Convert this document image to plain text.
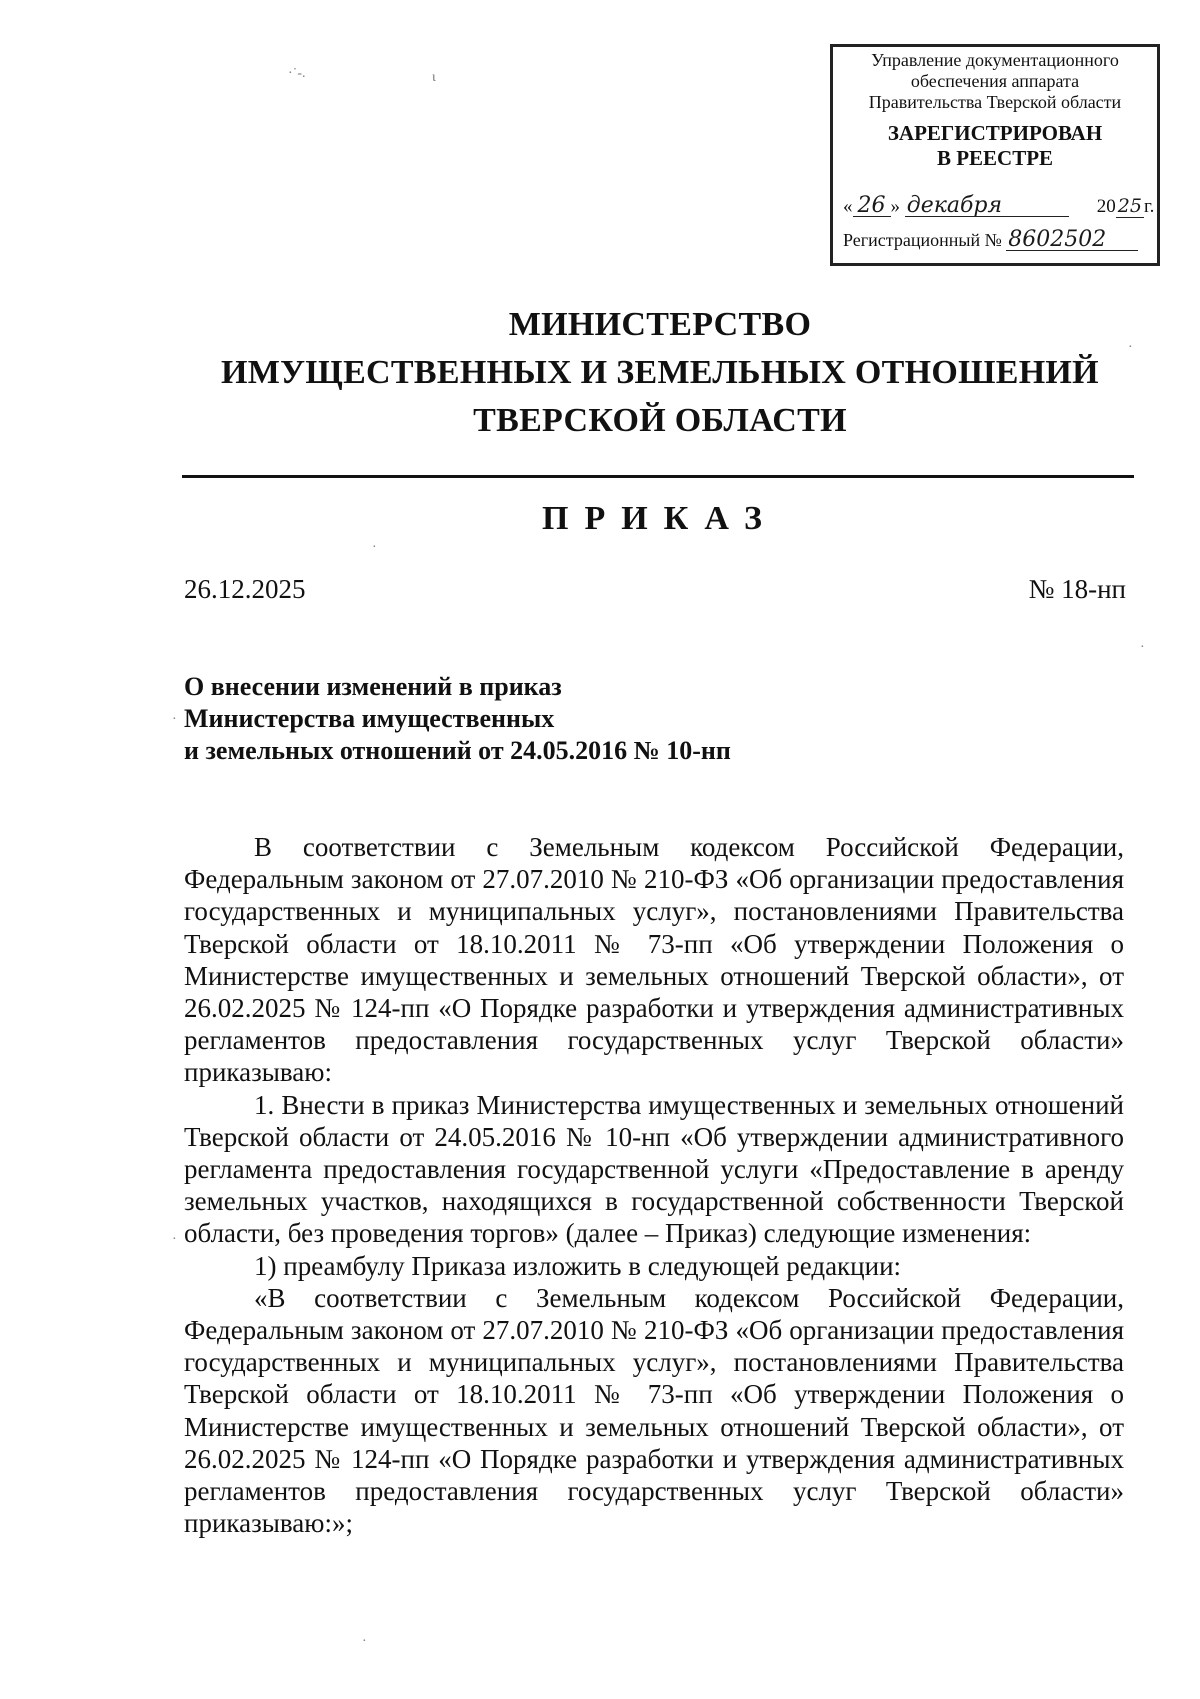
Управление документационного
обеспечения аппарата
Правительства Тверской области
ЗАРЕГИСТРИРОВАН
В РЕЕСТРЕ
« 26 » декабря	20 25 г.
Регистрационный № 8602502
МИНИСТЕРСТВО
ИМУЩЕСТВЕННЫХ И ЗЕМЕЛЬНЫХ ОТНОШЕНИЙ
ТВЕРСКОЙ ОБЛАСТИ
ПРИКАЗ
26.12.2025	№ 18-нп
О внесении изменений в приказ
Министерства имущественных
и земельных отношений от 24.05.2016 № 10-нп

В соответствии с Земельным кодексом Российской Федерации, Федеральным законом от 27.07.2010 № 210-ФЗ «Об организации предоставления государственных и муниципальных услуг», постановлениями Правительства Тверской области от 18.10.2011 № 73-пп «Об утверждении Положения о Министерстве имущественных и земельных отношений Тверской области», от 26.02.2025 № 124-пп «О Порядке разработки и утверждения административных регламентов предоставления государственных услуг Тверской области» приказываю:

1. Внести в приказ Министерства имущественных и земельных отношений Тверской области от 24.05.2016 № 10-нп «Об утверждении административного регламента предоставления государственной услуги «Предоставление в аренду земельных участков, находящихся в государственной собственности Тверской области, без проведения торгов» (далее – Приказ) следующие изменения:

1) преамбулу Приказа изложить в следующей редакции:

«В соответствии с Земельным кодексом Российской Федерации, Федеральным законом от 27.07.2010 № 210-ФЗ «Об организации предоставления государственных и муниципальных услуг», постановлениями Правительства Тверской области от 18.10.2011 № 73-пп «Об утверждении Положения о Министерстве имущественных и земельных отношений Тверской области», от 26.02.2025 № 124-пп «О Порядке разработки и утверждения административных регламентов предоставления государственных услуг Тверской области» приказываю:»;

·˙-.	ι
·
·
·
·
·
·
